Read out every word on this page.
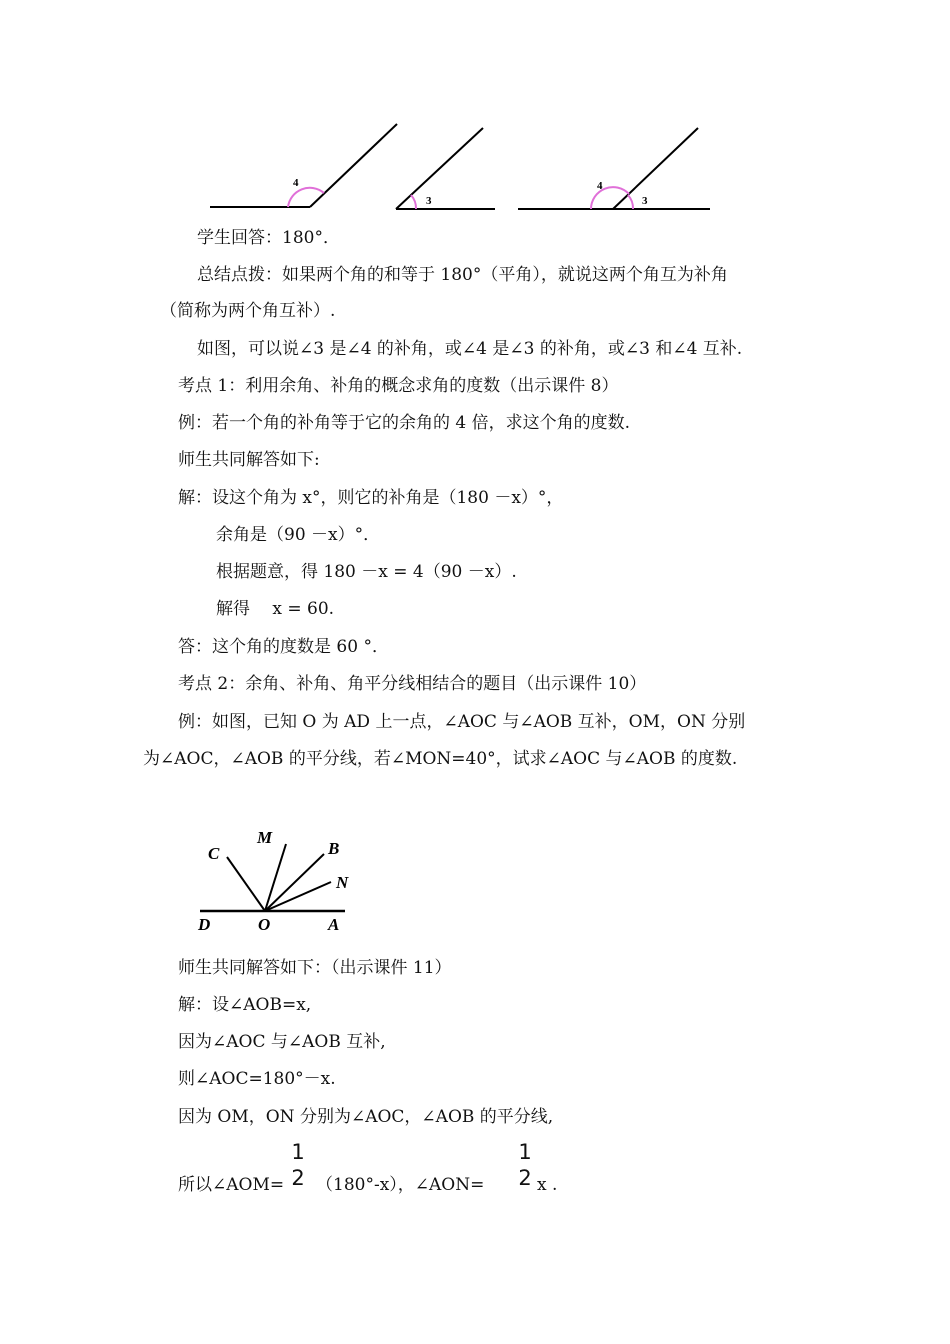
4
3
4
3
学生回答：180°．
总结点拨：如果两个角的和等于 180°（平角），就说这两个角互为补角
（简称为两个角互补）.
如图，可以说∠3 是∠4 的补角，或∠4 是∠3 的补角，或∠3 和∠4 互补.
考点 1：利用余角、补角的概念求角的度数（出示课件 8）
例：若一个角的补角等于它的余角的 4 倍，求这个角的度数.
师生共同解答如下:
解：设这个角为 x°，则它的补角是（180 －x）°，
余角是（90 －x）°．
根据题意，得 180 －x = 4（90 －x）.
解得　 x = 60.
答：这个角的度数是 60 °．
考点 2：余角、补角、角平分线相结合的题目（出示课件 10）
例：如图，已知 O 为 AD 上一点，∠AOC 与∠AOB 互补，OM，ON 分别
为∠AOC，∠AOB 的平分线，若∠MON=40°，试求∠AOC 与∠AOB 的度数.
C
M
B
N
D	O	A
师生共同解答如下：（出示课件 11）
解：设∠AOB=x,
因为∠AOC 与∠AOB 互补,
则∠AOC=180°－x.
因为 OM，ON 分别为∠AOC，∠AOB 的平分线,
所以∠AOM=
1
2 （180°-x），∠AON=
1
2 x .
